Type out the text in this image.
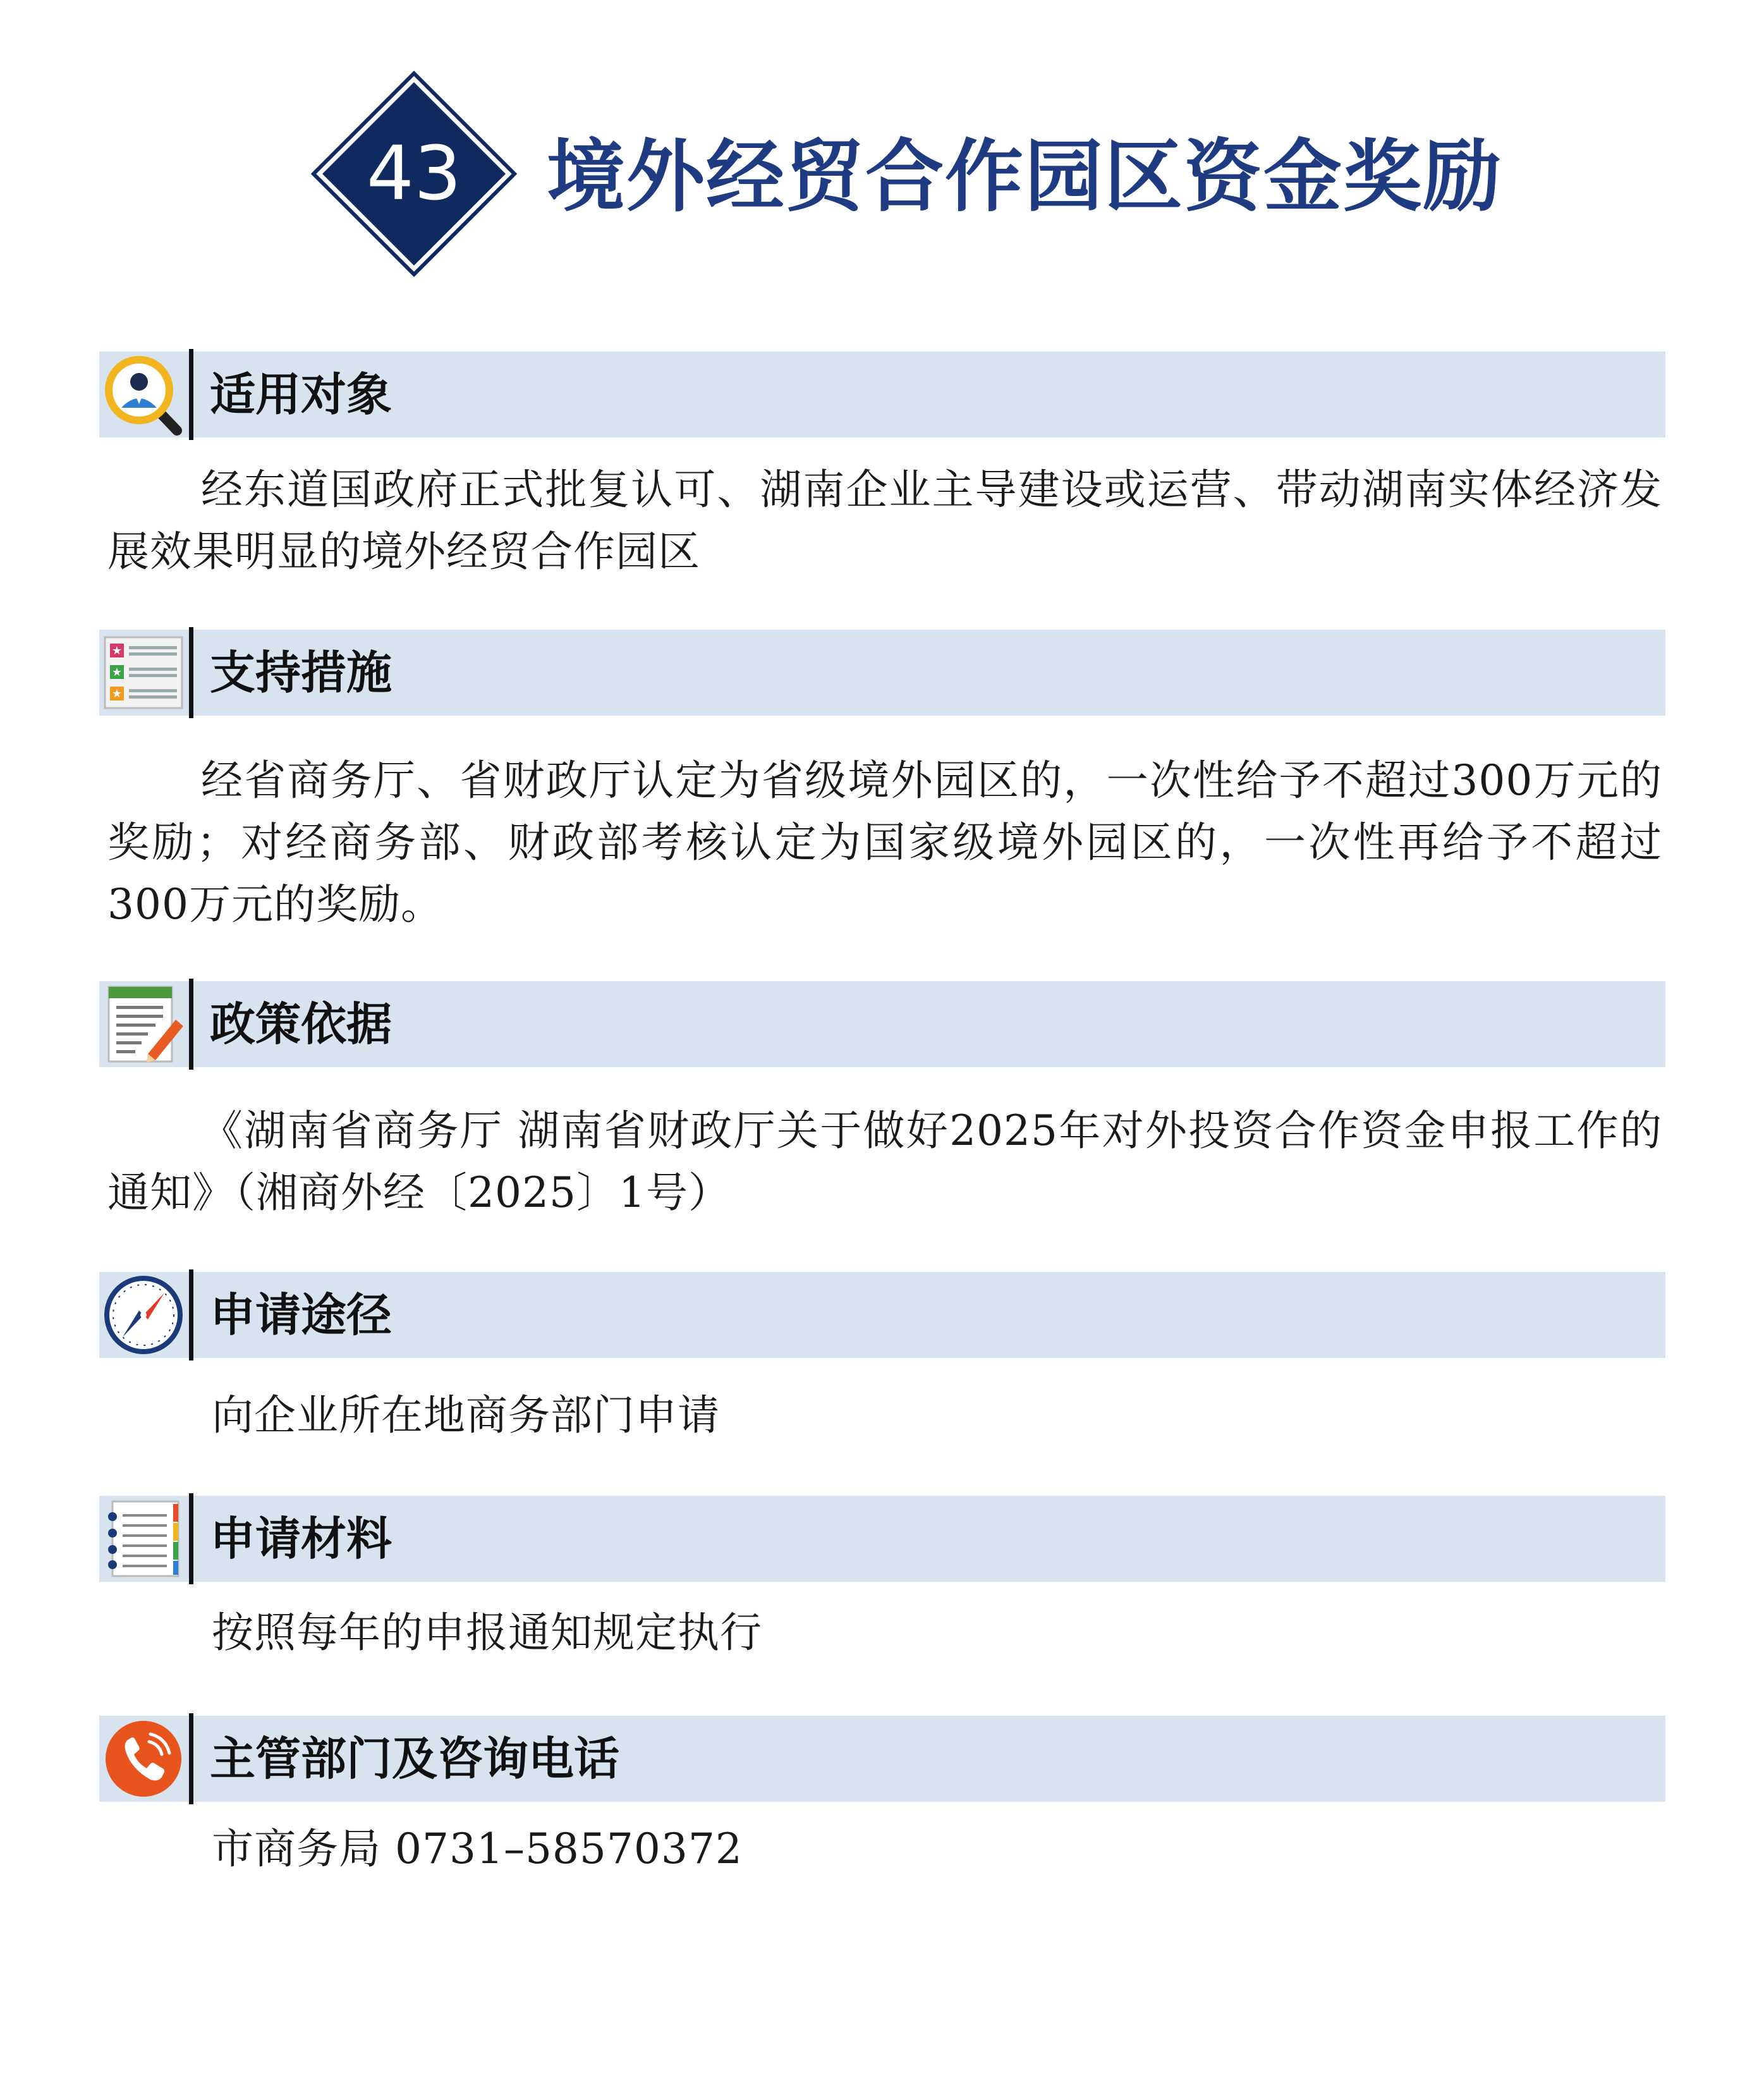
43 境外经贸合作园区资金奖励
适用对象
经东道国政府正式批复认可、湖南企业主导建设或运营、带动湖南实体经济发展效果明显的境外经贸合作园区
★
★
★ 支持措施
经省商务厅、省财政厅认定为省级境外园区的，一次性给予不超过300万元的奖励；对经商务部、财政部考核认定为国家级境外园区的，一次性再给予不超过300万元的奖励。
政策依据
《湖南省商务厅 湖南省财政厅关于做好2025年对外投资合作资金申报工作的通知》（湘商外经〔2025〕1号）
申请途径
向企业所在地商务部门申请
申请材料
按照每年的申报通知规定执行
主管部门及咨询电话
市商务局 0731–58570372
